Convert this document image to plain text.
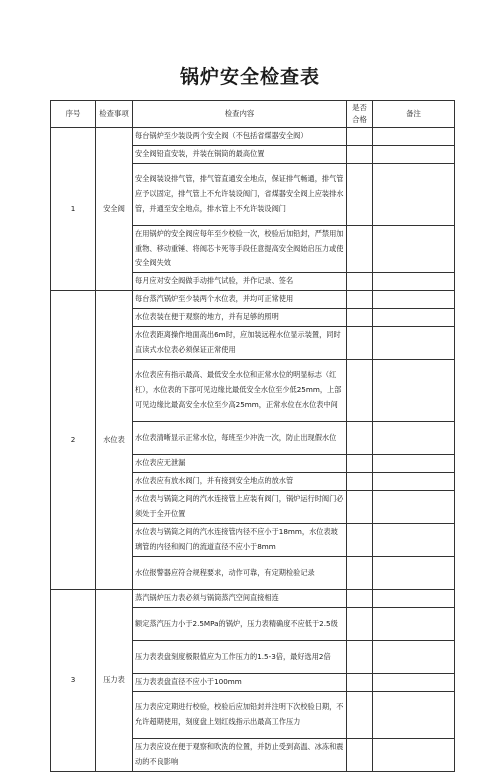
锅炉安全检查表
序号	检查事项	检查内容	是否合格	备注
1	安全阀	每台锅炉至少装设两个安全阀（不包括省煤器安全阀）		
		安全阀铅直安装，并装在锅筒的最高位置		
		安全阀装设排气管，排气管直通安全地点，保证排气畅通，排气管应予以固定，排气管上不允许装设阀门，省煤器安全阀上应装排水管，并通至安全地点，排水管上不允许装设阀门		
		在用锅炉的安全阀应每年至少校验一次，校验后加铅封，严禁用加重物、移动重锤、将阀芯卡死等手段任意提高安全阀始启压力或使安全阀失效		
		每月应对安全阀做手动排气试验，并作记录、签名		
2	水位表	每台蒸汽锅炉至少装两个水位表，并均可正常使用		
		水位表装在便于观察的地方，并有足够的照明		
		水位表距离操作地面高出6m时，应加装远程水位显示装置，同时直读式水位表必须保证正常使用		
		水位表应有指示最高、最低安全水位和正常水位的明显标志（红杠），水位表的下部可见边缘比最低安全水位至少低25mm，上部可见边缘比最高安全水位至少高25mm，正常水位在水位表中间		
		水位表清晰显示正常水位，每班至少冲洗一次，防止出现假水位		
		水位表应无泄漏		
		水位表应有放水阀门，并有接到安全地点的放水管		
		水位表与锅筒之间的汽水连接管上应装有阀门，锅炉运行时阀门必须处于全开位置		
		水位表与锅筒之间的汽水连接管内径不应小于18mm，水位表玻璃管的内径和阀门的流道直径不应小于8mm		
		水位报警器应符合规程要求，动作可靠，有定期检验记录		
3	压力表	蒸汽锅炉压力表必须与锅筒蒸汽空间直接相连		
		额定蒸汽压力小于2.5MPa的锅炉，压力表精确度不应低于2.5级		
		压力表表盘刻度极限值应为工作压力的1.5-3倍，最好选用2倍		
		压力表表盘直径不应小于100mm		
		压力表应定期进行校验，校验后应加铅封并注明下次校验日期，不允许超期使用，刻度盘上划红线指示出最高工作压力		
		压力表应设在便于观察和吹洗的位置，并防止受到高温、冰冻和震动的不良影响		
